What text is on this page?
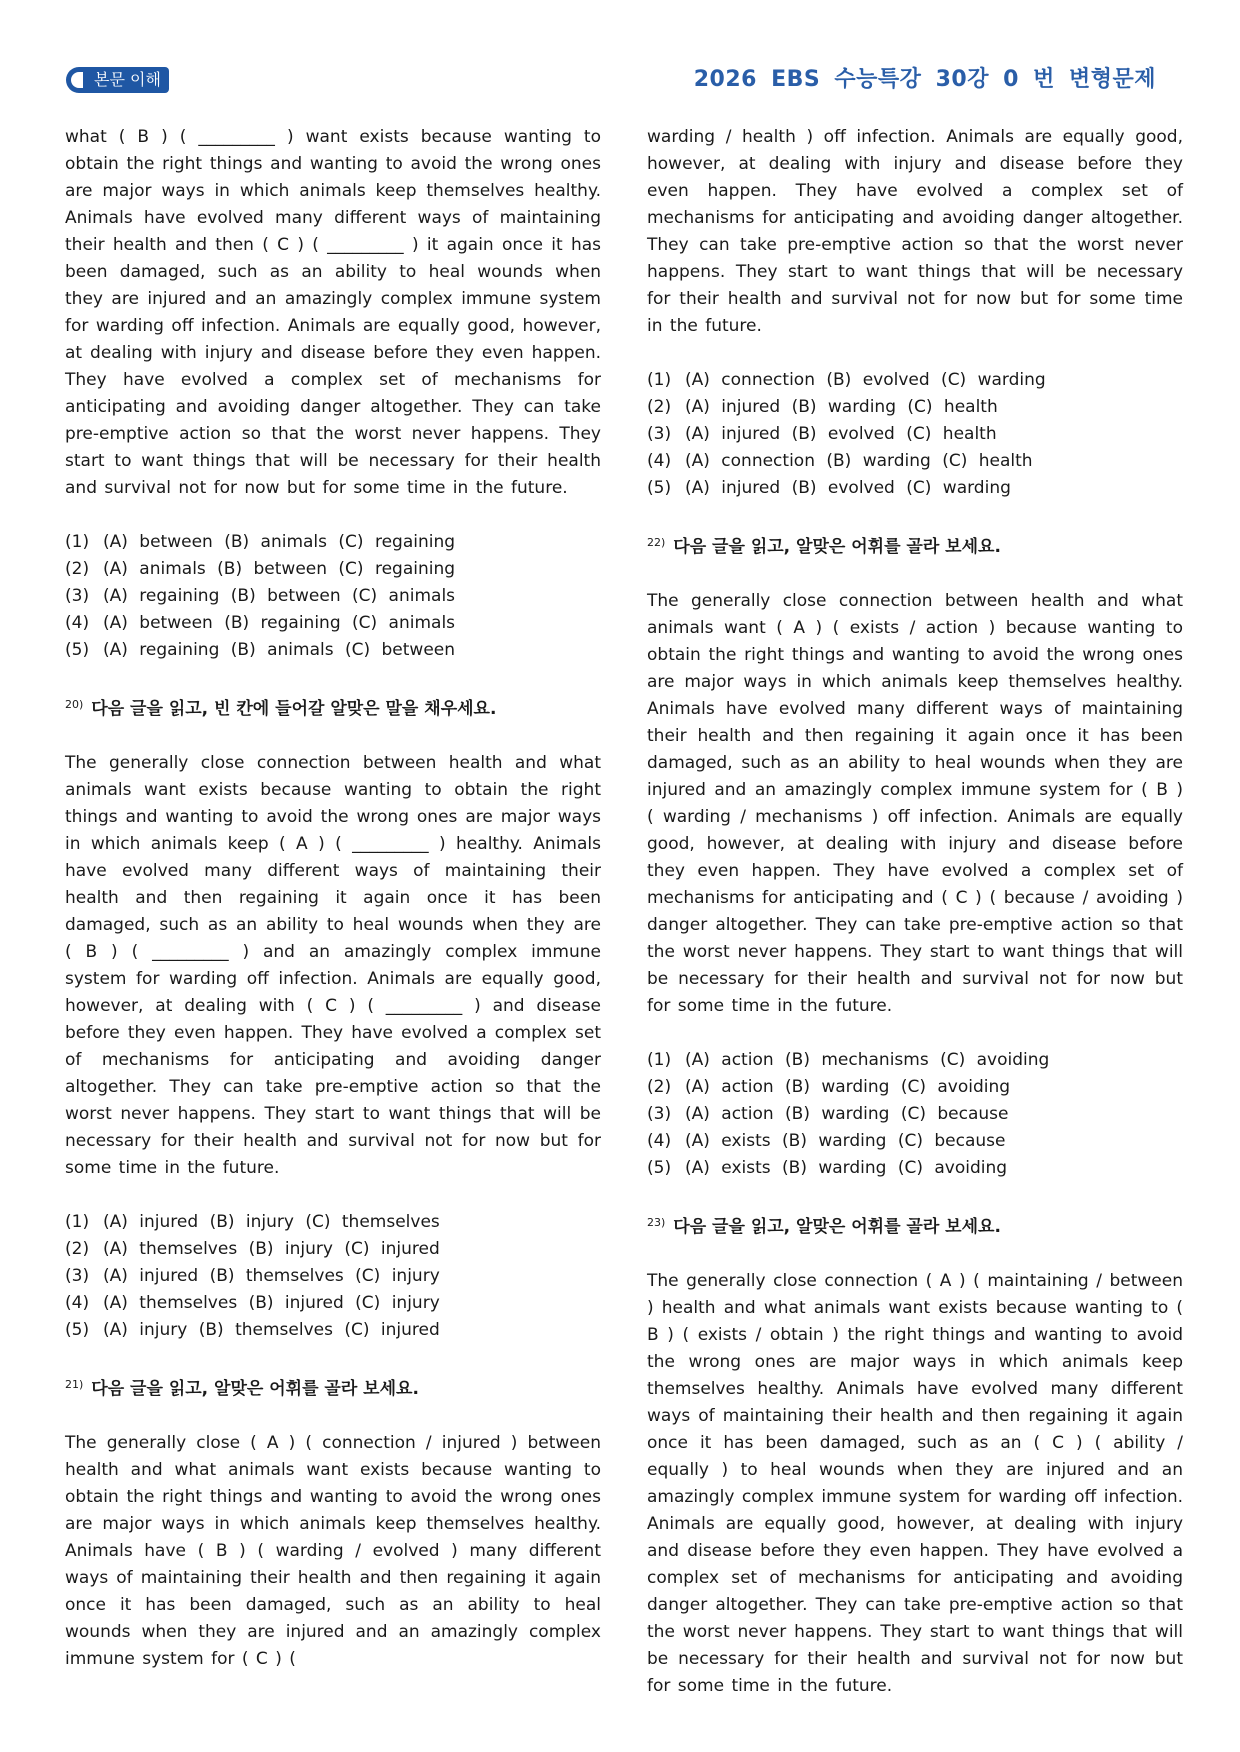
본문 이해	2026 EBS 수능특강 30강 0 번 변형문제

what ( B ) ( _________ ) want exists because wanting to obtain the right things and wanting to avoid the wrong ones are major ways in which animals keep themselves healthy. Animals have evolved many different ways of maintaining their health and then ( C ) ( _________ ) it again once it has been damaged, such as an ability to heal wounds when they are injured and an amazingly complex immune system for warding off infection. Animals are equally good, however, at dealing with injury and disease before they even happen. They have evolved a complex set of mechanisms for anticipating and avoiding danger altogether. They can take pre-emptive action so that the worst never happens. They start to want things that will be necessary for their health and survival not for now but for some time in the future.

(1) (A) between (B) animals (C) regaining
(2) (A) animals (B) between (C) regaining
(3) (A) regaining (B) between (C) animals
(4) (A) between (B) regaining (C) animals
(5) (A) regaining (B) animals (C) between
$^{20)}$ 다음 글을 읽고, 빈 칸에 들어갈 알맞은 말을 채우세요.

The generally close connection between health and what animals want exists because wanting to obtain the right things and wanting to avoid the wrong ones are major ways in which animals keep ( A ) ( _________ ) healthy. Animals have evolved many different ways of maintaining their health and then regaining it again once it has been damaged, such as an ability to heal wounds when they are ( B ) ( _________ ) and an amazingly complex immune system for warding off infection. Animals are equally good, however, at dealing with ( C ) ( _________ ) and disease before they even happen. They have evolved a complex set of mechanisms for anticipating and avoiding danger altogether. They can take pre-emptive action so that the worst never happens. They start to want things that will be necessary for their health and survival not for now but for some time in the future.

(1) (A) injured (B) injury (C) themselves
(2) (A) themselves (B) injury (C) injured
(3) (A) injured (B) themselves (C) injury
(4) (A) themselves (B) injured (C) injury
(5) (A) injury (B) themselves (C) injured
$^{21)}$ 다음 글을 읽고, 알맞은 어휘를 골라 보세요.

The generally close ( A ) ( connection / injured ) between health and what animals want exists because wanting to obtain the right things and wanting to avoid the wrong ones are major ways in which animals keep themselves healthy. Animals have ( B ) ( warding / evolved ) many different ways of maintaining their health and then regaining it again once it has been damaged, such as an ability to heal wounds when they are injured and an amazingly complex immune system for ( C ) (

warding / health ) off infection. Animals are equally good, however, at dealing with injury and disease before they even happen. They have evolved a complex set of mechanisms for anticipating and avoiding danger altogether. They can take pre-emptive action so that the worst never happens. They start to want things that will be necessary for their health and survival not for now but for some time in the future.

(1) (A) connection (B) evolved (C) warding
(2) (A) injured (B) warding (C) health
(3) (A) injured (B) evolved (C) health
(4) (A) connection (B) warding (C) health
(5) (A) injured (B) evolved (C) warding
$^{22)}$ 다음 글을 읽고, 알맞은 어휘를 골라 보세요.

The generally close connection between health and what animals want ( A ) ( exists / action ) because wanting to obtain the right things and wanting to avoid the wrong ones are major ways in which animals keep themselves healthy. Animals have evolved many different ways of maintaining their health and then regaining it again once it has been damaged, such as an ability to heal wounds when they are injured and an amazingly complex immune system for ( B ) ( warding / mechanisms ) off infection. Animals are equally good, however, at dealing with injury and disease before they even happen. They have evolved a complex set of mechanisms for anticipating and ( C ) ( because / avoiding ) danger altogether. They can take pre-emptive action so that the worst never happens. They start to want things that will be necessary for their health and survival not for now but for some time in the future.

(1) (A) action (B) mechanisms (C) avoiding
(2) (A) action (B) warding (C) avoiding
(3) (A) action (B) warding (C) because
(4) (A) exists (B) warding (C) because
(5) (A) exists (B) warding (C) avoiding
$^{23)}$ 다음 글을 읽고, 알맞은 어휘를 골라 보세요.

The generally close connection ( A ) ( maintaining / between ) health and what animals want exists because wanting to ( B ) ( exists / obtain ) the right things and wanting to avoid the wrong ones are major ways in which animals keep themselves healthy. Animals have evolved many different ways of maintaining their health and then regaining it again once it has been damaged, such as an ( C ) ( ability / equally ) to heal wounds when they are injured and an amazingly complex immune system for warding off infection. Animals are equally good, however, at dealing with injury and disease before they even happen. They have evolved a complex set of mechanisms for anticipating and avoiding danger altogether. They can take pre-emptive action so that the worst never happens. They start to want things that will be necessary for their health and survival not for now but for some time in the future.
